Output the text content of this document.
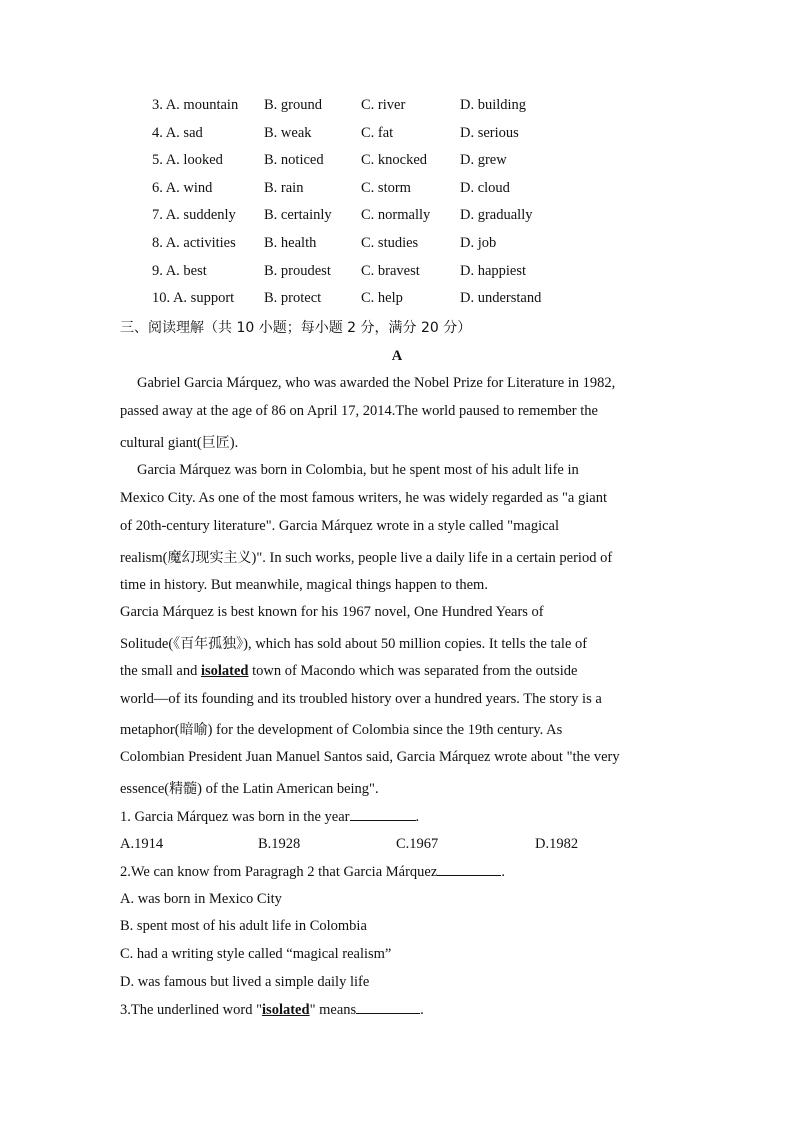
3. A. mountain B. ground	C. river	D. building
4. A. sad	B. weak	C. fat	D. serious
5. A. looked	B. noticed	C. knocked D. grew
6. A. wind	B. rain	C. storm	D. cloud
7. A. suddenly B. certainly C. normally D. gradually
8. A. activities B. health	C. studies	D. job
9. A. best	B. proudest C. bravest	D. happiest
10. A. support B. protect	C. help	D. understand
三、阅读理解（共 10 小题；每小题 2 分，满分 20 分）
A
Gabriel Garcia Márquez, who was awarded the Nobel Prize for Literature in 1982,
passed away at the age of 86 on April 17, 2014.The world paused to remember the
cultural giant(巨匠).
Garcia Márquez was born in Colombia, but he spent most of his adult life in
Mexico City. As one of the most famous writers, he was widely regarded as "a giant
of 20th-century literature". Garcia Márquez wrote in a style called "magical
realism(魔幻现实主义)". In such works, people live a daily life in a certain period of
time in history. But meanwhile, magical things happen to them.
Garcia Márquez is best known for his 1967 novel, One Hundred Years of
Solitude(《百年孤独》), which has sold about 50 million copies. It tells the tale of
the small and isolated town of Macondo which was separated from the outside
world—of its founding and its troubled history over a hundred years. The story is a
metaphor(暗喻) for the development of Colombia since the 19th century. As
Colombian President Juan Manuel Santos said, Garcia Márquez wrote about "the very
essence(精髓) of the Latin American being".
1. Garcia Márquez was born in the year	.
A.1914	B.1928	C.1967	D.1982
2.We can know from Paragragh 2 that Garcia Márquez	.
A. was born in Mexico City
B. spent most of his adult life in Colombia
C. had a writing style called “magical realism”
D. was famous but lived a simple daily life
3.The underlined word "isolated" means	.
